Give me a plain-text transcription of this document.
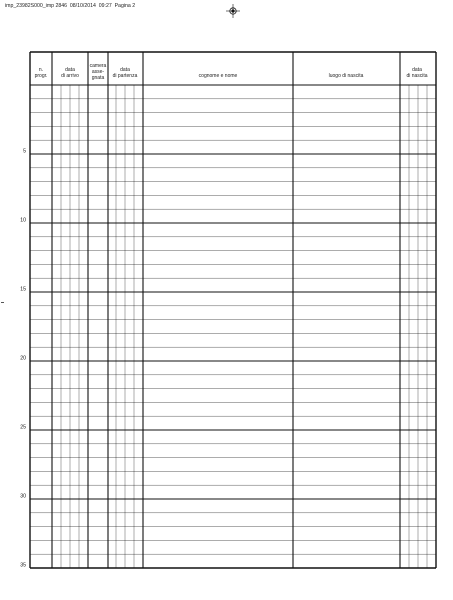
imp_23982S000_imp 2846  08/10/2014  09:27  Pagina 2
n.
progr.
data
di arrivo
camera
asse-
gnata
data
di partenza	cognome e nome	luogo di nascita
data
di nascita
5
10
15
20
25
30
35
